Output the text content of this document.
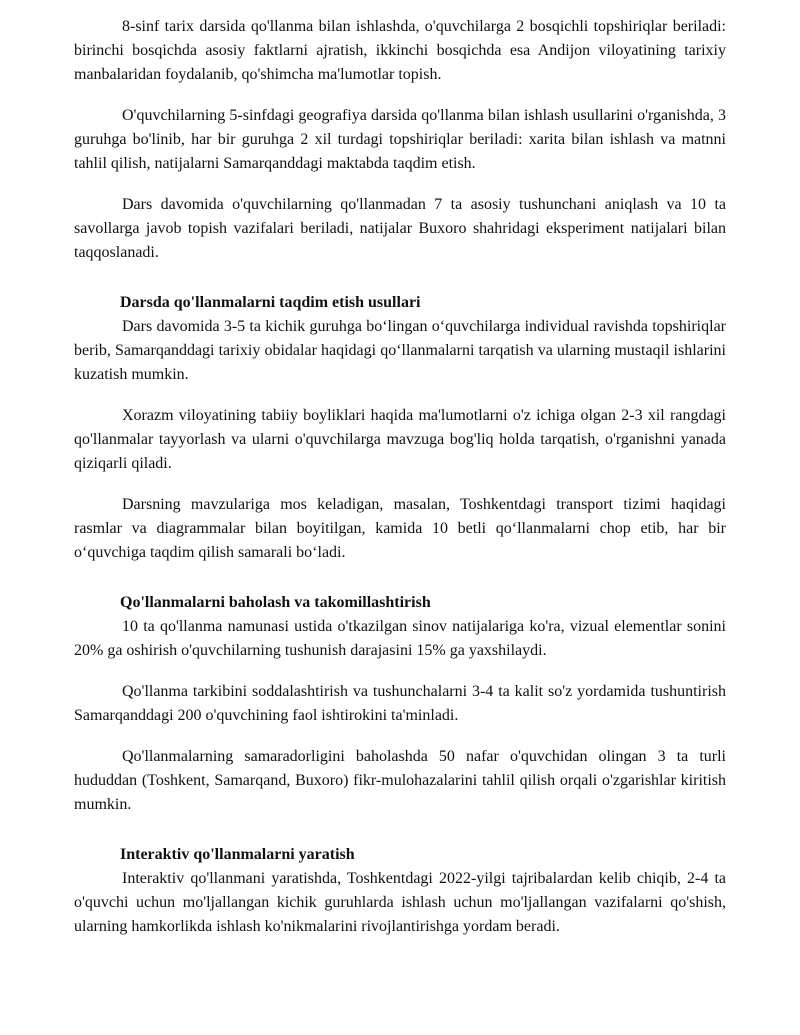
8-sinf tarix darsida qo'llanma bilan ishlashda, o'quvchilarga 2 bosqichli topshiriqlar beriladi: birinchi bosqichda asosiy faktlarni ajratish, ikkinchi bosqichda esa Andijon viloyatining tarixiy manbalaridan foydalanib, qo'shimcha ma'lumotlar topish.

O'quvchilarning 5-sinfdagi geografiya darsida qo'llanma bilan ishlash usullarini o'rganishda, 3 guruhga bo'linib, har bir guruhga 2 xil turdagi topshiriqlar beriladi: xarita bilan ishlash va matnni tahlil qilish, natijalarni Samarqanddagi maktabda taqdim etish.

Dars davomida o'quvchilarning qo'llanmadan 7 ta asosiy tushunchani aniqlash va 10 ta savollarga javob topish vazifalari beriladi, natijalar Buxoro shahridagi eksperiment natijalari bilan taqqoslanadi.

Darsda qo'llanmalarni taqdim etish usullari

Dars davomida 3-5 ta kichik guruhga bo‘lingan o‘quvchilarga individual ravishda topshiriqlar berib, Samarqanddagi tarixiy obidalar haqidagi qo‘llanmalarni tarqatish va ularning mustaqil ishlarini kuzatish mumkin.

Xorazm viloyatining tabiiy boyliklari haqida ma'lumotlarni o'z ichiga olgan 2-3 xil rangdagi qo'llanmalar tayyorlash va ularni o'quvchilarga mavzuga bog'liq holda tarqatish, o'rganishni yanada qiziqarli qiladi.

Darsning mavzulariga mos keladigan, masalan, Toshkentdagi transport tizimi haqidagi rasmlar va diagrammalar bilan boyitilgan, kamida 10 betli qo‘llanmalarni chop etib, har bir o‘quvchiga taqdim qilish samarali bo‘ladi.

Qo'llanmalarni baholash va takomillashtirish

10 ta qo'llanma namunasi ustida o'tkazilgan sinov natijalariga ko'ra, vizual elementlar sonini 20% ga oshirish o'quvchilarning tushunish darajasini 15% ga yaxshilaydi.

Qo'llanma tarkibini soddalashtirish va tushunchalarni 3-4 ta kalit so'z yordamida tushuntirish Samarqanddagi 200 o'quvchining faol ishtirokini ta'minladi.

Qo'llanmalarning samaradorligini baholashda 50 nafar o'quvchidan olingan 3 ta turli hududdan (Toshkent, Samarqand, Buxoro) fikr-mulohazalarini tahlil qilish orqali o'zgarishlar kiritish mumkin.

Interaktiv qo'llanmalarni yaratish

Interaktiv qo'llanmani yaratishda, Toshkentdagi 2022-yilgi tajribalardan kelib chiqib, 2-4 ta o'quvchi uchun mo'ljallangan kichik guruhlarda ishlash uchun mo'ljallangan vazifalarni qo'shish, ularning hamkorlikda ishlash ko'nikmalarini rivojlantirishga yordam beradi.
